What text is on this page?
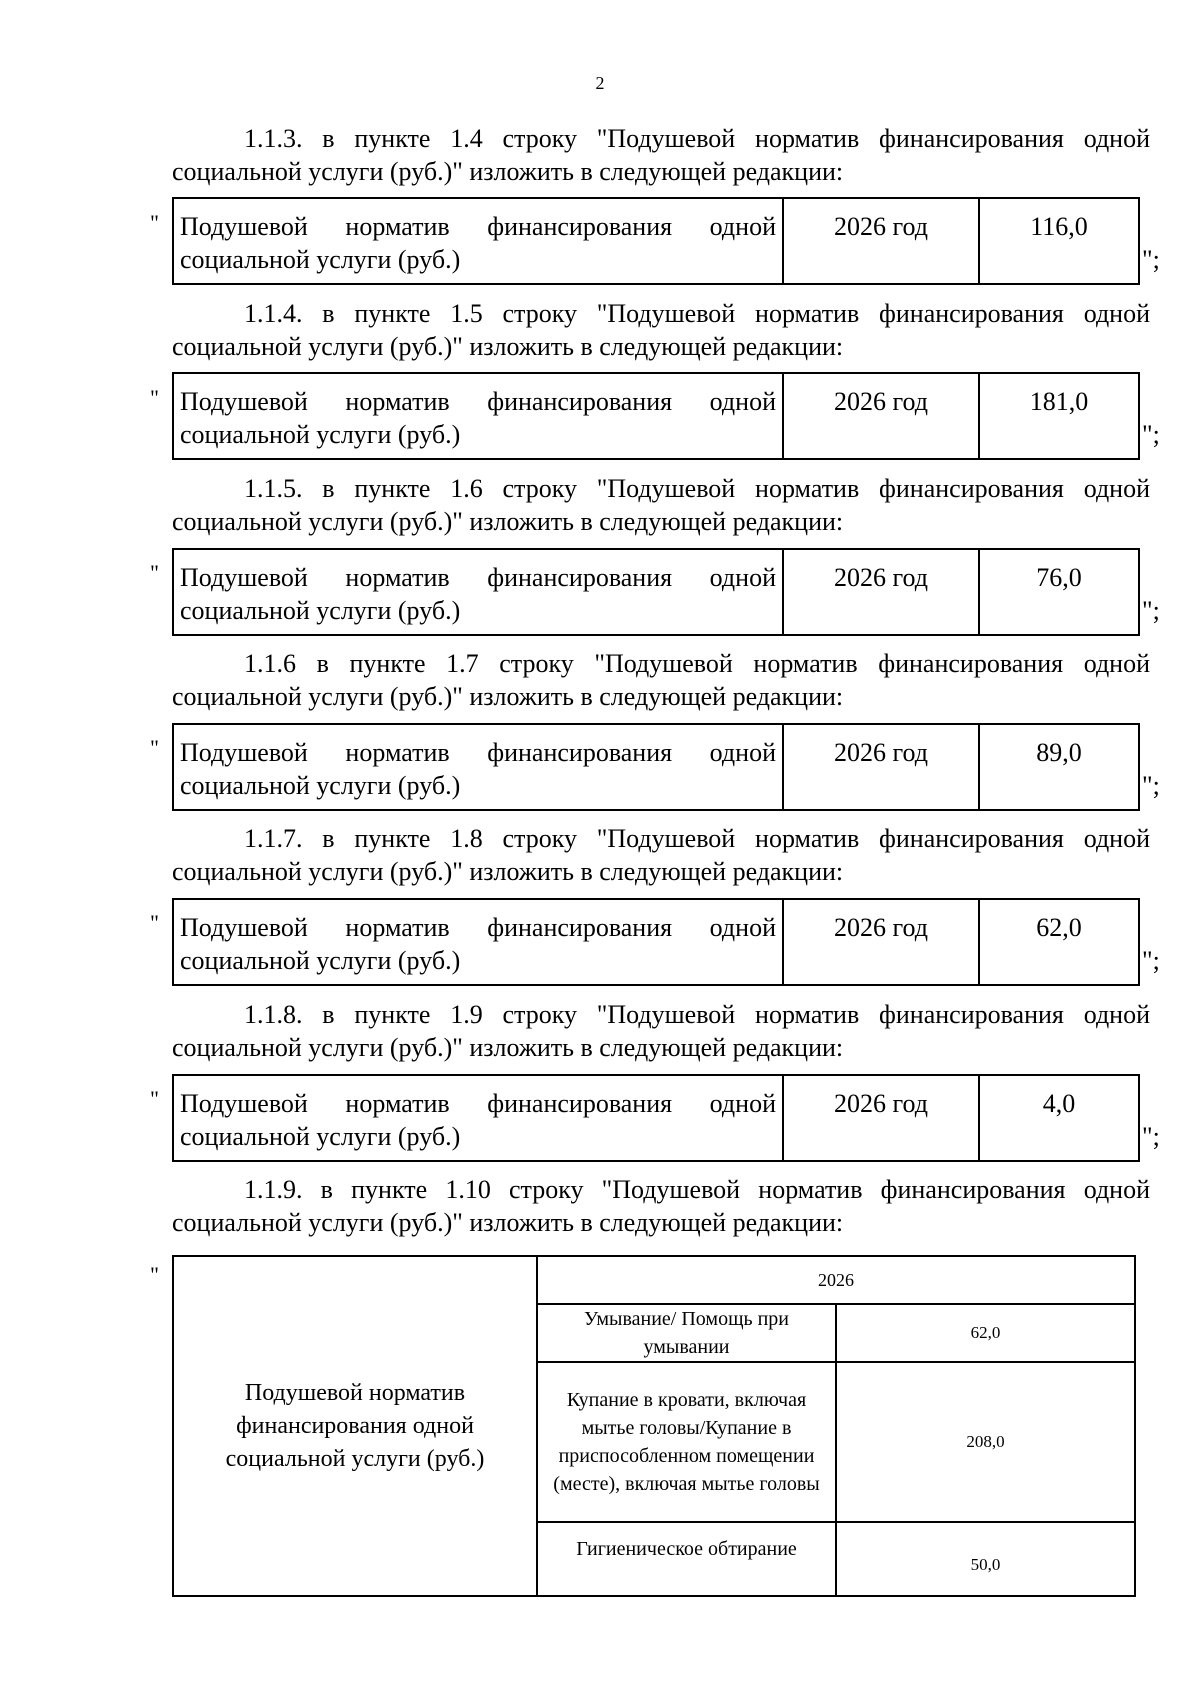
2
1.1.3. в пункте 1.4 строку "Подушевой норматив финансирования одной социальной услуги (руб.)" изложить в следующей редакции:
" Подушевой норматив финансирования одной социальной услуги (руб.)	2026 год	116,0
";
1.1.4. в пункте 1.5 строку "Подушевой норматив финансирования одной социальной услуги (руб.)" изложить в следующей редакции:
" Подушевой норматив финансирования одной социальной услуги (руб.)	2026 год	181,0
";
1.1.5. в пункте 1.6 строку "Подушевой норматив финансирования одной социальной услуги (руб.)" изложить в следующей редакции:
" Подушевой норматив финансирования одной социальной услуги (руб.)	2026 год	76,0
";
1.1.6 в пункте 1.7 строку "Подушевой норматив финансирования одной социальной услуги (руб.)" изложить в следующей редакции:
" Подушевой норматив финансирования одной социальной услуги (руб.)	2026 год	89,0
";
1.1.7. в пункте 1.8 строку "Подушевой норматив финансирования одной социальной услуги (руб.)" изложить в следующей редакции:
" Подушевой норматив финансирования одной социальной услуги (руб.)	2026 год	62,0
";
1.1.8. в пункте 1.9 строку "Подушевой норматив финансирования одной социальной услуги (руб.)" изложить в следующей редакции:
" Подушевой норматив финансирования одной социальной услуги (руб.)	2026 год	4,0
";
1.1.9. в пункте 1.10 строку "Подушевой норматив финансирования одной социальной услуги (руб.)" изложить в следующей редакции:
"
Подушевой норматив финансирования одной социальной услуги (руб.)	2026	
	Умывание/ Помощь при умывании	62,0
	Купание в кровати, включая мытье головы/Купание в приспособленном помещении (месте), включая мытье головы	208,0
	Гигиеническое обтирание	50,0
